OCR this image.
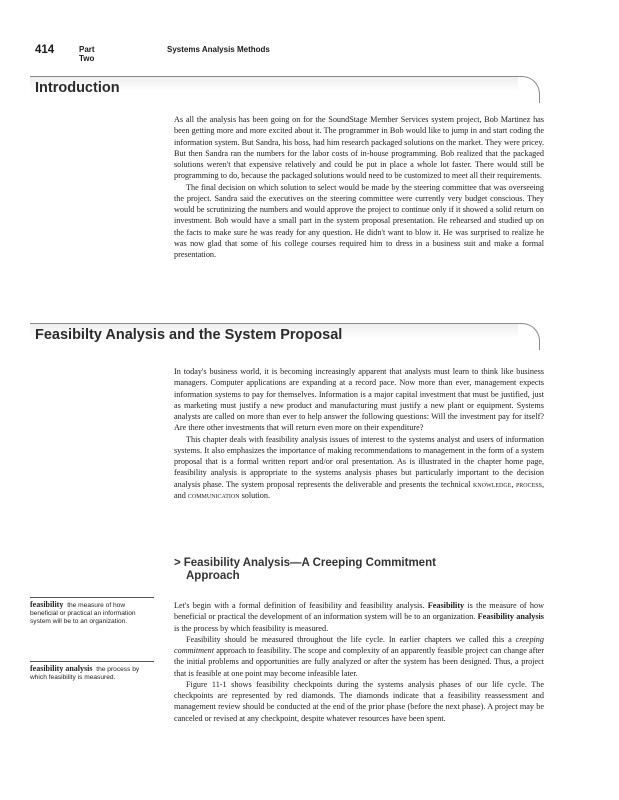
414	Part Two
Systems Analysis Methods
Introduction

As all the analysis has been going on for the SoundStage Member Services system project, Bob Martinez has been getting more and more excited about it. The programmer in Bob would like to jump in and start coding the information system. But Sandra, his boss, had him research packaged solutions on the market. They were pricey. But then Sandra ran the numbers for the labor costs of in-house programming. Bob realized that the packaged solutions weren't that expensive relatively and could be put in place a whole lot faster. There would still be programming to do, because the packaged solutions would need to be customized to meet all their requirements.

The final decision on which solution to select would be made by the steering committee that was overseeing the project. Sandra said the executives on the steering committee were currently very budget conscious. They would be scrutinizing the numbers and would approve the project to continue only if it showed a solid return on investment. Bob would have a small part in the system proposal presentation. He rehearsed and studied up on the facts to make sure he was ready for any question. He didn't want to blow it. He was surprised to realize he was now glad that some of his college courses required him to dress in a business suit and make a formal presentation.

Feasibilty Analysis and the System Proposal

In today's business world, it is becoming increasingly apparent that analysts must learn to think like business managers. Computer applications are expanding at a record pace. Now more than ever, management expects information systems to pay for themselves. Information is a major capital investment that must be justified, just as marketing must justify a new product and manufacturing must justify a new plant or equipment. Systems analysts are called on more than ever to help answer the following questions: Will the investment pay for itself? Are there other investments that will return even more on their expenditure?

This chapter deals with feasibility analysis issues of interest to the systems analyst and users of information systems. It also emphasizes the importance of making recommendations to management in the form of a system proposal that is a formal written report and/or oral presentation. As is illustrated in the chapter home page, feasibility analysis is appropriate to the systems analysis phases but particularly important to the decision analysis phase. The system proposal represents the deliverable and presents the technical knowledge, process, and communication solution.

> Feasibility Analysis—A Creeping Commitment
Approach

Let's begin with a formal definition of feasibility and feasibility analysis. Feasibility is the measure of how beneficial or practical the development of an information system will be to an organization. Feasibility analysis is the process by which feasibility is measured.

Feasibility should be measured throughout the life cycle. In earlier chapters we called this a creeping commitment approach to feasibility. The scope and complexity of an apparently feasible project can change after the initial problems and opportunities are fully analyzed or after the system has been designed. Thus, a project that is feasible at one point may become infeasible later.

Figure 11-1 shows feasibility checkpoints during the systems analysis phases of our life cycle. The checkpoints are represented by red diamonds. The diamonds indicate that a feasibility reassessment and management review should be conducted at the end of the prior phase (before the next phase). A project may be canceled or revised at any checkpoint, despite whatever resources have been spent.

feasibility the measure of how beneficial or practical an information system will be to an organization.
feasibility analysis the process by which feasibility is measured.
